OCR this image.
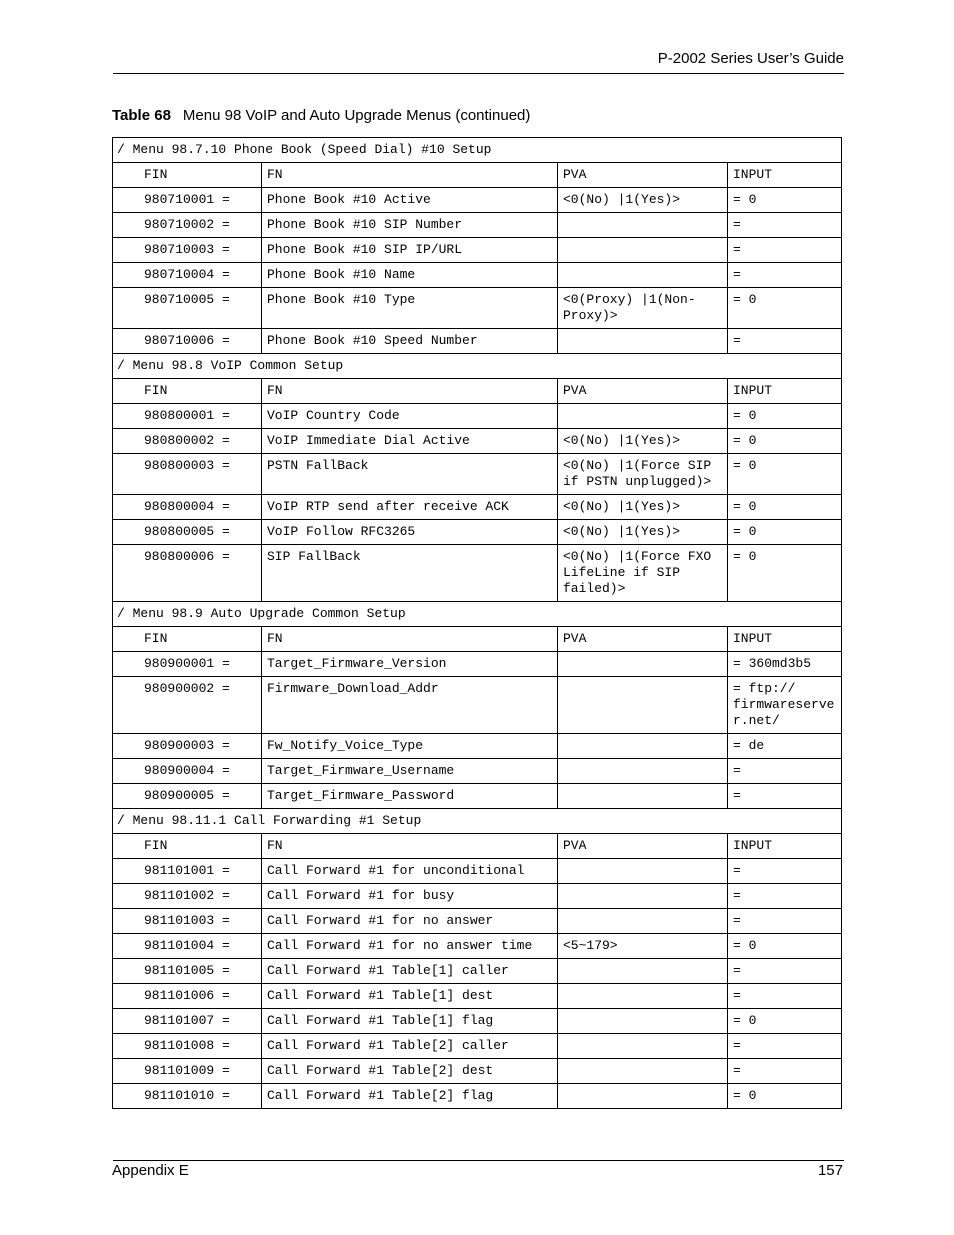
P-2002 Series User’s Guide
Table 68 Menu 98 VoIP and Auto Upgrade Menus (continued)
/ Menu 98.7.10 Phone Book (Speed Dial) #10 Setup			
FIN	FN	PVA	INPUT
980710001 =	Phone Book #10 Active	<0(No) |1(Yes)>	= 0
980710002 =	Phone Book #10 SIP Number		=
980710003 =	Phone Book #10 SIP IP/URL		=
980710004 =	Phone Book #10 Name		=
980710005 =	Phone Book #10 Type	<0(Proxy) |1(Non-Proxy)>	= 0
980710006 =	Phone Book #10 Speed Number		=
/ Menu 98.8 VoIP Common Setup			
FIN	FN	PVA	INPUT
980800001 =	VoIP Country Code		= 0
980800002 =	VoIP Immediate Dial Active	<0(No) |1(Yes)>	= 0
980800003 =	PSTN FallBack	<0(No) |1(Force SIP if PSTN unplugged)>	= 0
980800004 =	VoIP RTP send after receive ACK	<0(No) |1(Yes)>	= 0
980800005 =	VoIP Follow RFC3265	<0(No) |1(Yes)>	= 0
980800006 =	SIP FallBack	<0(No) |1(Force FXO LifeLine if SIP failed)>	= 0
/ Menu 98.9 Auto Upgrade Common Setup			
FIN	FN	PVA	INPUT
980900001 =	Target_Firmware_Version		= 360md3b5
980900002 =	Firmware_Download_Addr		= ftp:// firmwareserver.net/
980900003 =	Fw_Notify_Voice_Type		= de
980900004 =	Target_Firmware_Username		=
980900005 =	Target_Firmware_Password		=
/ Menu 98.11.1 Call Forwarding #1 Setup			
FIN	FN	PVA	INPUT
981101001 =	Call Forward #1 for unconditional		=
981101002 =	Call Forward #1 for busy		=
981101003 =	Call Forward #1 for no answer		=
981101004 =	Call Forward #1 for no answer time	<5~179>	= 0
981101005 =	Call Forward #1 Table[1] caller		=
981101006 =	Call Forward #1 Table[1] dest		=
981101007 =	Call Forward #1 Table[1] flag		= 0
981101008 =	Call Forward #1 Table[2] caller		=
981101009 =	Call Forward #1 Table[2] dest		=
981101010 =	Call Forward #1 Table[2] flag		= 0
Appendix E	157
